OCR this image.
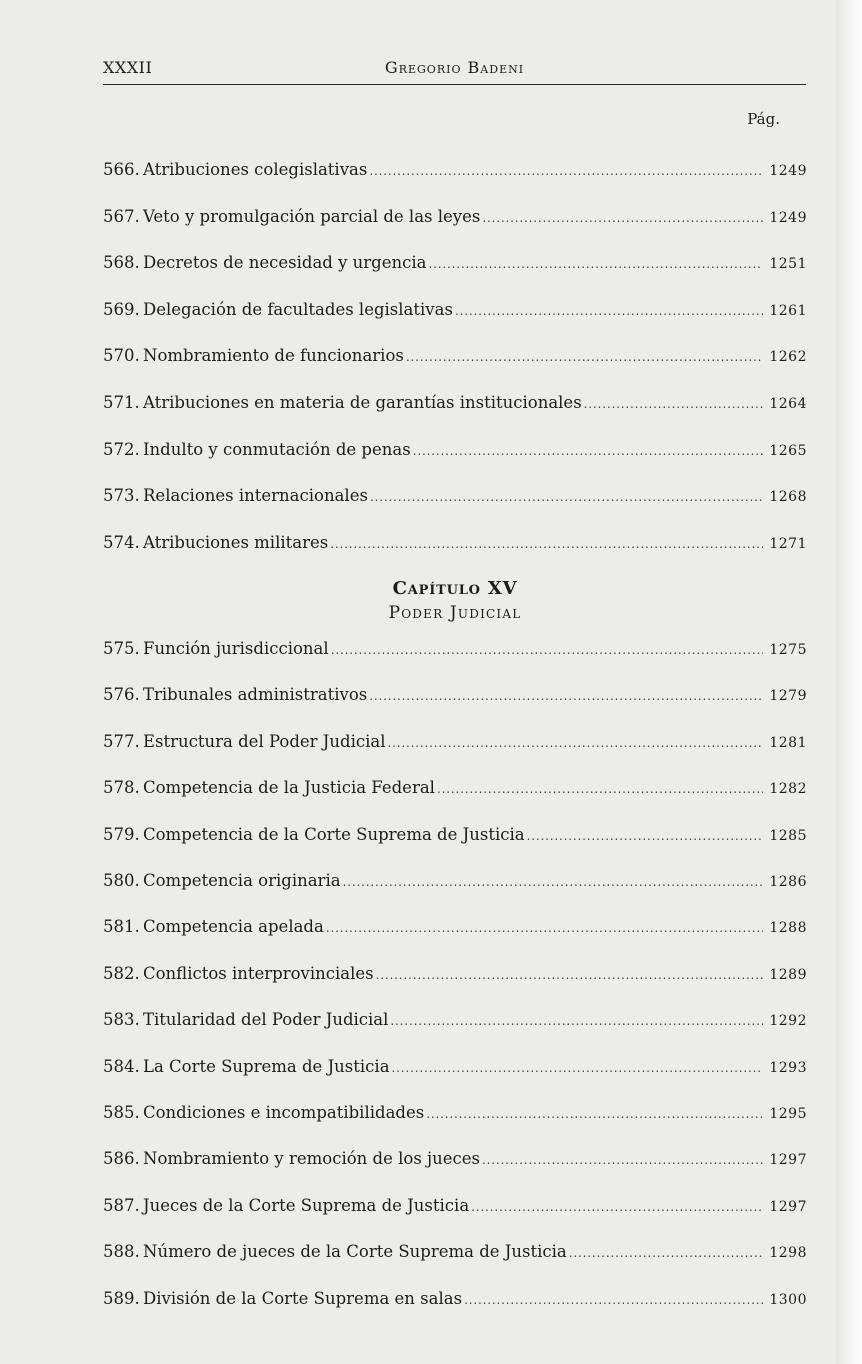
XXXII	Gregorio Badeni
Pág.
566. Atribuciones colegislativas . . .	1249
567. Veto y promulgación parcial de las leyes . . .	1249
568. Decretos de necesidad y urgencia . . .	1251
569. Delegación de facultades legislativas . . .	1261
570. Nombramiento de funcionarios . . .	1262
571. Atribuciones en materia de garantías institucionales . . .	1264
572. Indulto y conmutación de penas . . .	1265
573. Relaciones internacionales . . .	1268
574. Atribuciones militares . . .	1271
Capítulo XV
Poder Judicial
575. Función jurisdiccional . . .	1275
576. Tribunales administrativos . . .	1279
577. Estructura del Poder Judicial . . .	1281
578. Competencia de la Justicia Federal . . .	1282
579. Competencia de la Corte Suprema de Justicia . . .	1285
580. Competencia originaria . . .	1286
581. Competencia apelada . . .	1288
582. Conflictos interprovinciales . . .	1289
583. Titularidad del Poder Judicial . . .	1292
584. La Corte Suprema de Justicia . . .	1293
585. Condiciones e incompatibilidades . . .	1295
586. Nombramiento y remoción de los jueces . . .	1297
587. Jueces de la Corte Suprema de Justicia . . .	1297
588. Número de jueces de la Corte Suprema de Justicia . . .	1298
589. División de la Corte Suprema en salas . . .	1300
